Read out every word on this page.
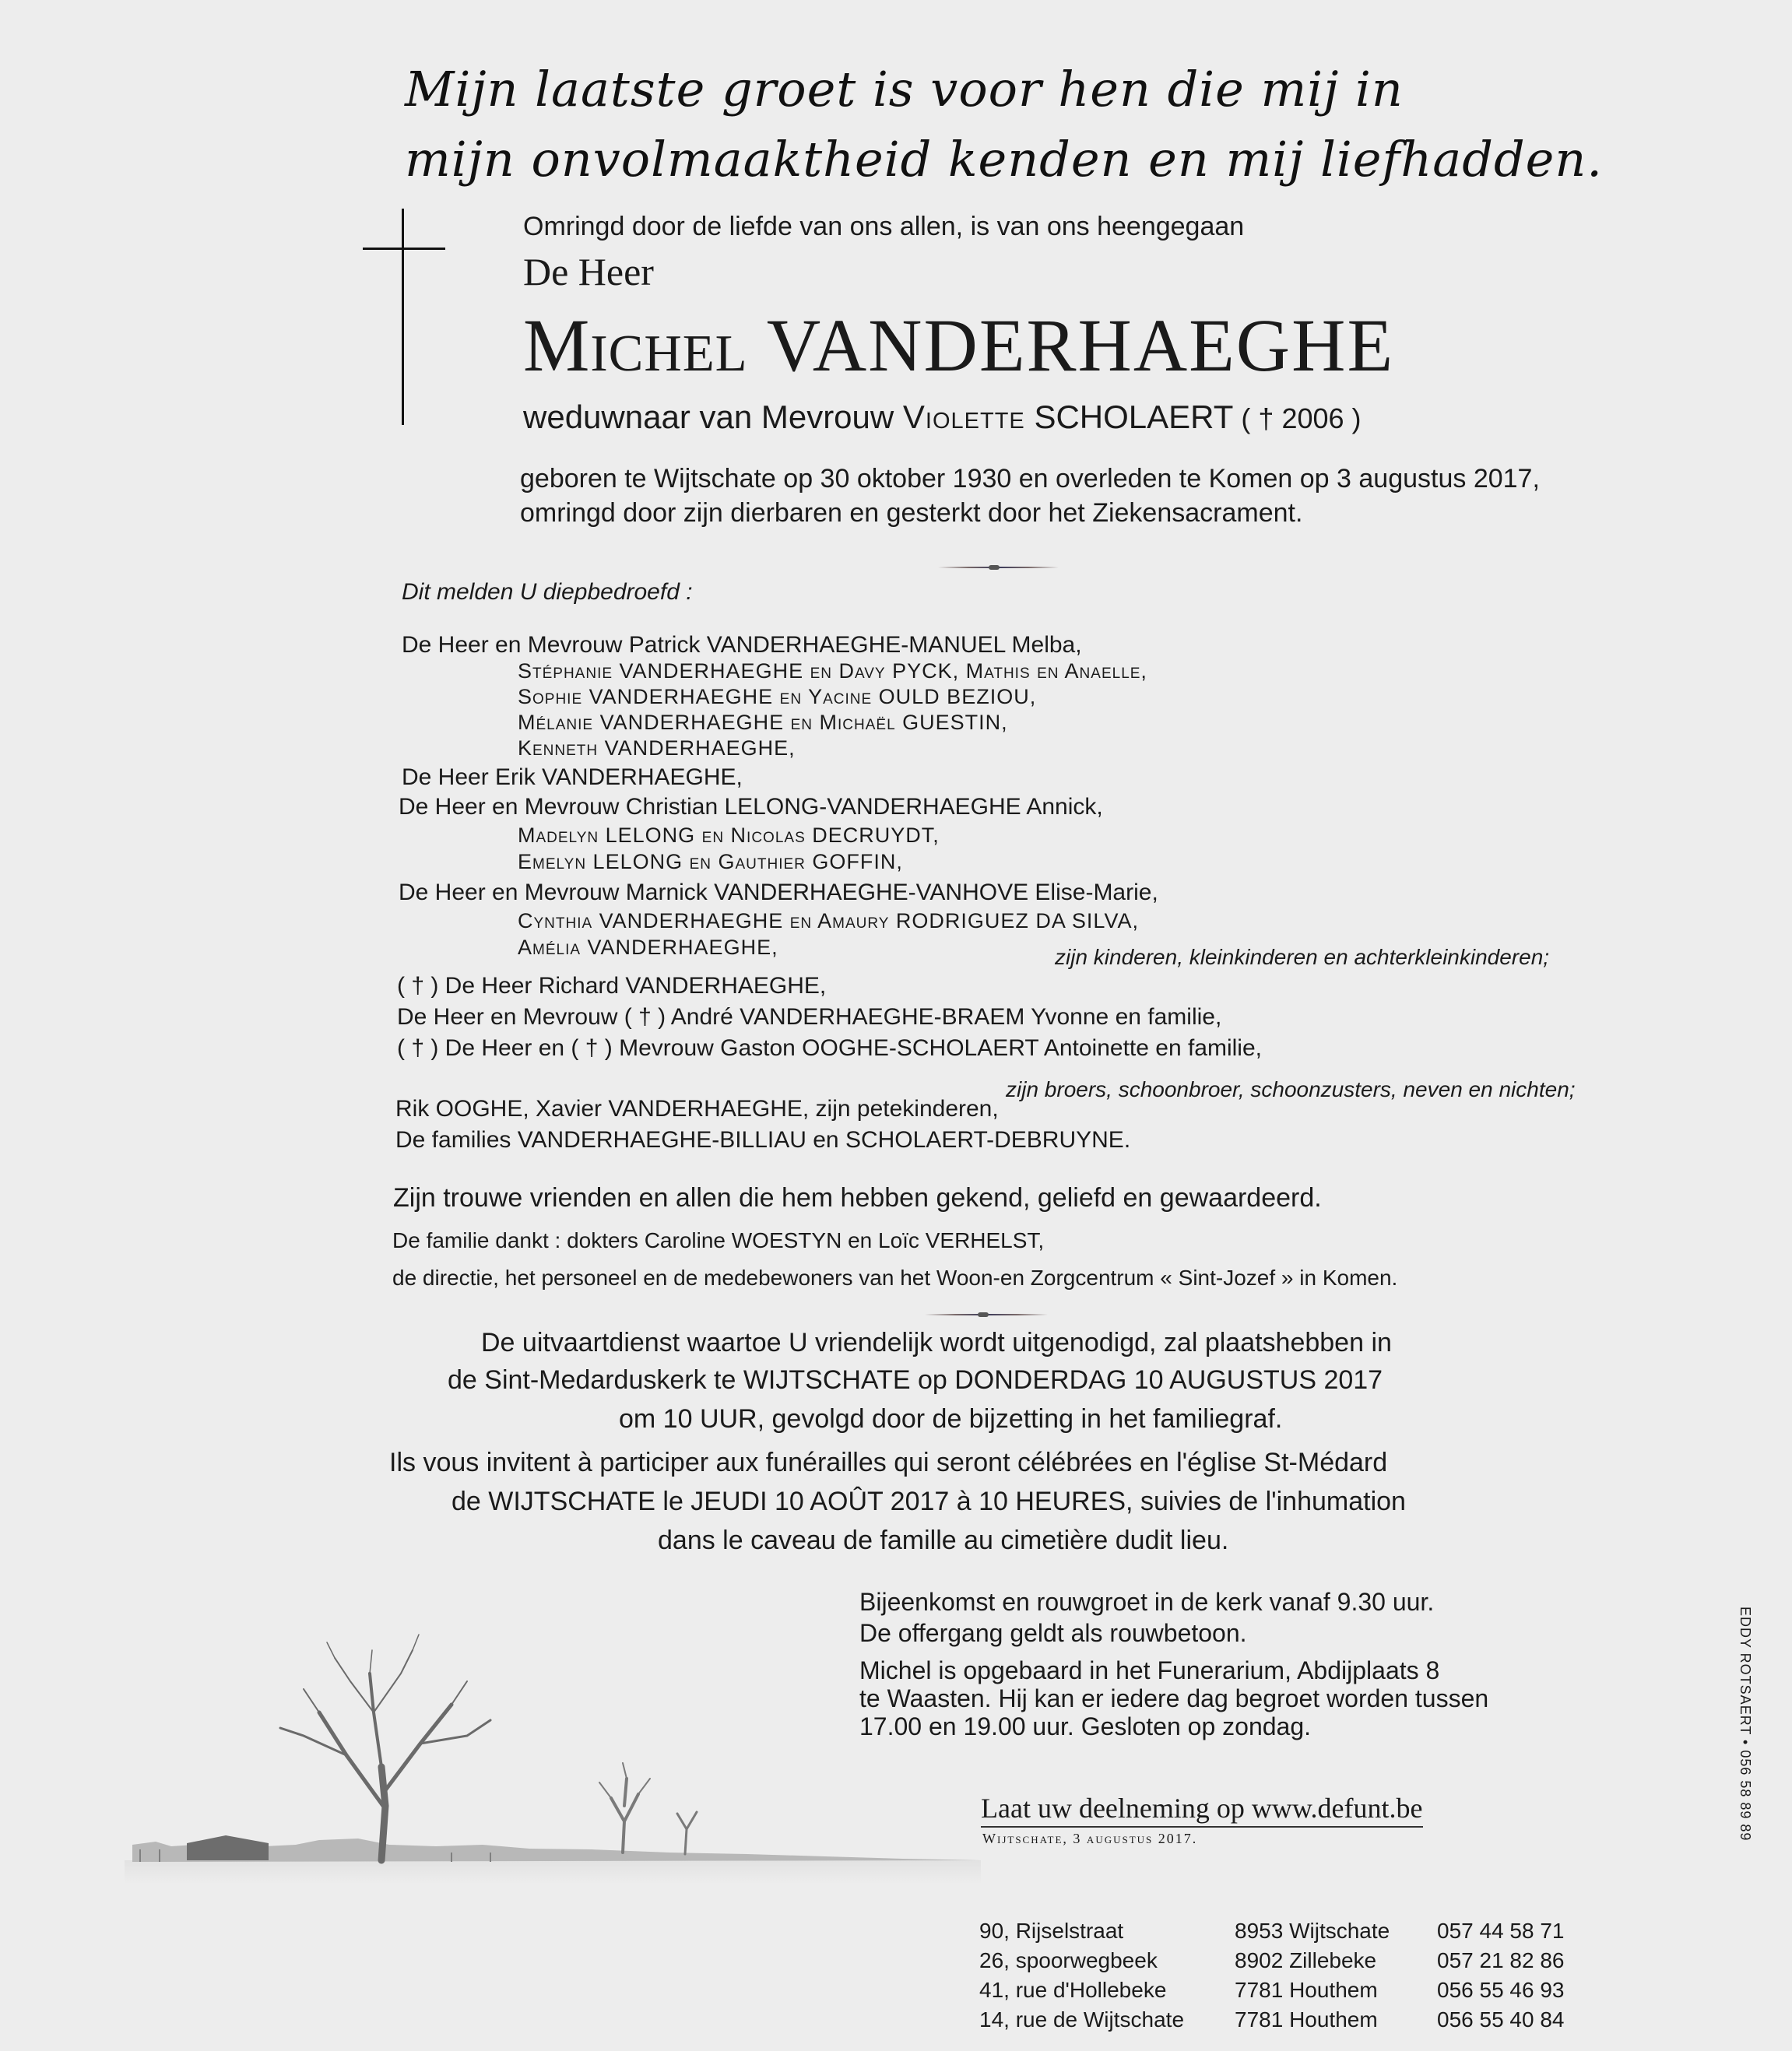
Mijn laatste groet is voor hen die mij in
mijn onvolmaaktheid kenden en mij liefhadden.
Omringd door de liefde van ons allen, is van ons heengegaan
De Heer
Michel VANDERHAEGHE
weduwnaar van Mevrouw Violette SCHOLAERT ( † 2006 )
geboren te Wijtschate op 30 oktober 1930 en overleden te Komen op 3 augustus 2017,
omringd door zijn dierbaren en gesterkt door het Ziekensacrament.
Dit melden U diepbedroefd :
De Heer en Mevrouw Patrick VANDERHAEGHE-MANUEL Melba,
Stéphanie VANDERHAEGHE en Davy PYCK, Mathis en Anaelle,
Sophie VANDERHAEGHE en Yacine OULD BEZIOU,
Mélanie VANDERHAEGHE en Michaël GUESTIN,
Kenneth VANDERHAEGHE,
De Heer Erik VANDERHAEGHE,
De Heer en Mevrouw Christian LELONG-VANDERHAEGHE Annick,
Madelyn LELONG en Nicolas DECRUYDT,
Emelyn LELONG en Gauthier GOFFIN,
De Heer en Mevrouw Marnick VANDERHAEGHE-VANHOVE Elise-Marie,
Cynthia VANDERHAEGHE en Amaury RODRIGUEZ DA SILVA,
Amélia VANDERHAEGHE,	zijn kinderen, kleinkinderen en achterkleinkinderen;
( † ) De Heer Richard VANDERHAEGHE,
De Heer en Mevrouw ( † ) André VANDERHAEGHE-BRAEM Yvonne en familie,
( † ) De Heer en ( † ) Mevrouw Gaston OOGHE-SCHOLAERT Antoinette en familie,
zijn broers, schoonbroer, schoonzusters, neven en nichten;
Rik OOGHE, Xavier VANDERHAEGHE, zijn petekinderen,
De families VANDERHAEGHE-BILLIAU en SCHOLAERT-DEBRUYNE.
Zijn trouwe vrienden en allen die hem hebben gekend, geliefd en gewaardeerd.
De familie dankt : dokters Caroline WOESTYN en Loïc VERHELST,
de directie, het personeel en de medebewoners van het Woon-en Zorgcentrum « Sint-Jozef » in Komen.
De uitvaartdienst waartoe U vriendelijk wordt uitgenodigd, zal plaatshebben in
de Sint-Medarduskerk te WIJTSCHATE op DONDERDAG 10 AUGUSTUS 2017
om 10 UUR, gevolgd door de bijzetting in het familiegraf.
Ils vous invitent à participer aux funérailles qui seront célébrées en l'église St-Médard
de WIJTSCHATE le JEUDI 10 AOÛT 2017 à 10 HEURES, suivies de l'inhumation
dans le caveau de famille au cimetière dudit lieu.
Bijeenkomst en rouwgroet in de kerk vanaf 9.30 uur.
De offergang geldt als rouwbetoon.
Michel is opgebaard in het Funerarium, Abdijplaats 8
te Waasten. Hij kan er iedere dag begroet worden tussen
17.00 en 19.00 uur. Gesloten op zondag.
Laat uw deelneming op www.defunt.be
Wijtschate, 3 augustus 2017.
90, Rijselstraat
26, spoorwegbeek
41, rue d'Hollebeke
14, rue de Wijtschate
8953 Wijtschate
8902 Zillebeke
7781 Houthem
7781 Houthem
057 44 58 71
057 21 82 86
056 55 46 93
056 55 40 84
EDDY ROTSAERT • 056 58 89 89
